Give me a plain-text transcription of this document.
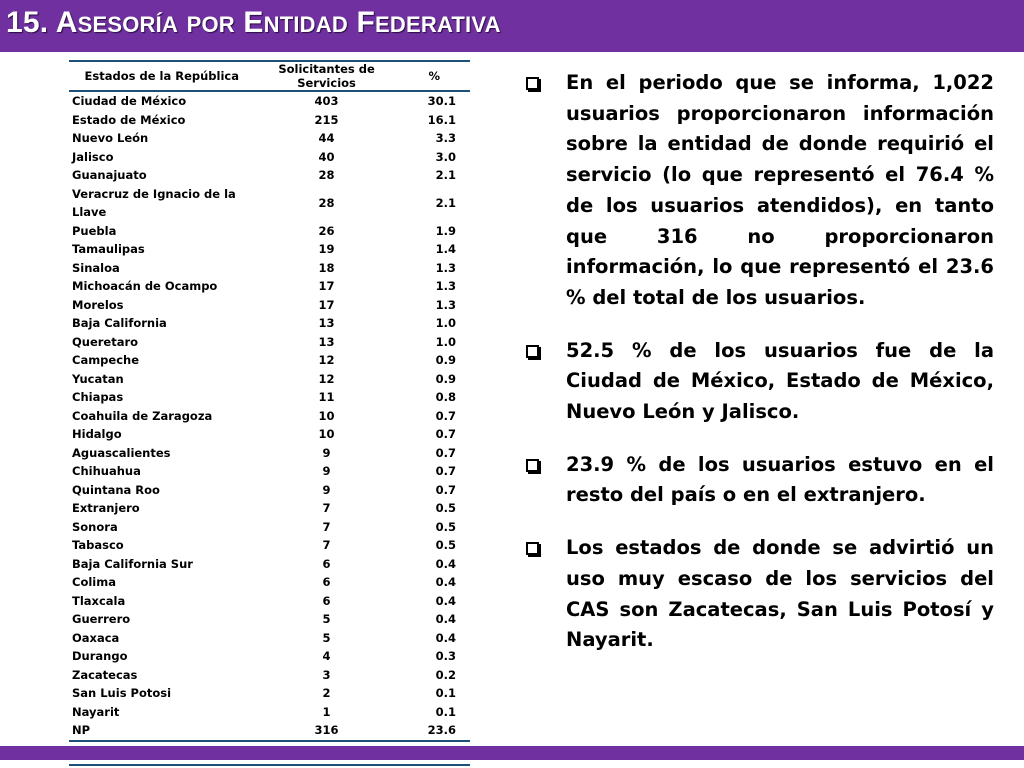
15. ASESORÍA POR ENTIDAD FEDERATIVA
Estados de la República	Solicitantes de Servicios	%
Ciudad de México	403	30.1
Estado de México	215	16.1
Nuevo León	44	3.3
Jalisco	40	3.0
Guanajuato	28	2.1
Veracruz de Ignacio de la Llave	28	2.1
Puebla	26	1.9
Tamaulipas	19	1.4
Sinaloa	18	1.3
Michoacán de Ocampo	17	1.3
Morelos	17	1.3
Baja California	13	1.0
Queretaro	13	1.0
Campeche	12	0.9
Yucatan	12	0.9
Chiapas	11	0.8
Coahuila de Zaragoza	10	0.7
Hidalgo	10	0.7
Aguascalientes	9	0.7
Chihuahua	9	0.7
Quintana Roo	9	0.7
Extranjero	7	0.5
Sonora	7	0.5
Tabasco	7	0.5
Baja California Sur	6	0.4
Colima	6	0.4
Tlaxcala	6	0.4
Guerrero	5	0.4
Oaxaca	5	0.4
Durango	4	0.3
Zacatecas	3	0.2
San Luis Potosi	2	0.1
Nayarit	1	0.1
NP	316	23.6

En el periodo que se informa, 1,022 usuarios proporcionaron información sobre la entidad de donde requirió el servicio (lo que representó el 76.4 % de los usuarios atendidos), en tanto que 316 no proporcionaron información, lo que representó el 23.6 % del total de los usuarios.
52.5 % de los usuarios fue de la Ciudad de México, Estado de México, Nuevo León y Jalisco.
23.9 % de los usuarios estuvo en el resto del país o en el extranjero.
Los estados de donde se advirtió un uso muy escaso de los servicios del CAS son Zacatecas, San Luis Potosí y Nayarit.
